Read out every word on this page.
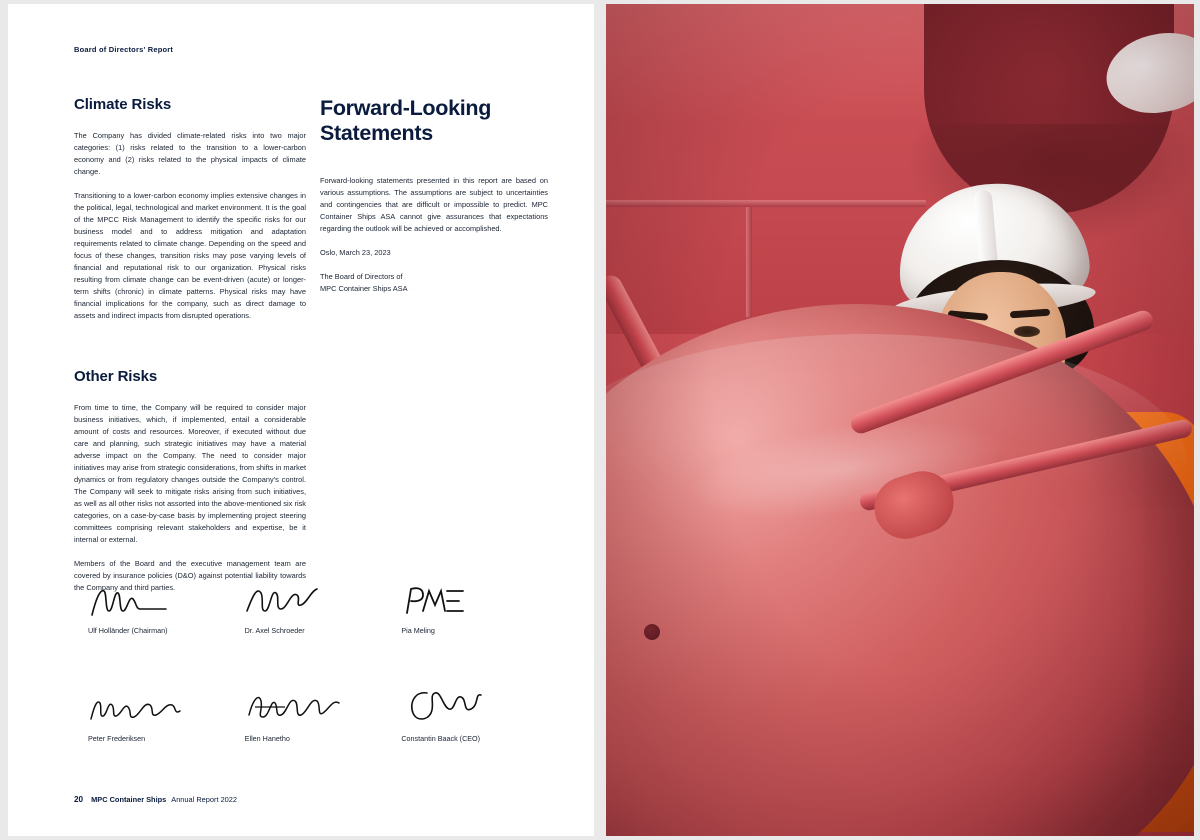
Board of Directors' Report
Climate Risks

The Company has divided climate-related risks into two major categories: (1) risks related to the transition to a lower-carbon economy and (2) risks related to the physical impacts of climate change.

Transitioning to a lower-carbon economy implies extensive changes in the political, legal, technological and market environment. It is the goal of the MPCC Risk Management to identify the specific risks for our business model and to address mitigation and adaptation requirements related to climate change. Depending on the speed and focus of these changes, transition risks may pose varying levels of financial and reputational risk to our organization. Physical risks resulting from climate change can be event-driven (acute) or longer-term shifts (chronic) in climate patterns. Physical risks may have financial implications for the company, such as direct damage to assets and indirect impacts from disrupted operations.

Other Risks

From time to time, the Company will be required to consider major business initiatives, which, if implemented, entail a considerable amount of costs and resources. Moreover, if executed without due care and planning, such strategic initiatives may have a material adverse impact on the Company. The need to consider major initiatives may arise from strategic considerations, from shifts in market dynamics or from regulatory changes outside the Company's control. The Company will seek to mitigate risks arising from such initiatives, as well as all other risks not assorted into the above-mentioned six risk categories, on a case-by-case basis by implementing project steering committees comprising relevant stakeholders and expertise, be it internal or external.

Members of the Board and the executive management team are covered by insurance policies (D&O) against potential liability towards the Company and third parties.

Forward-Looking Statements

Forward-looking statements presented in this report are based on various assumptions. The assumptions are subject to uncertainties and contingencies that are difficult or impossible to predict. MPC Container Ships ASA cannot give assurances that expectations regarding the outlook will be achieved or accomplished.

Oslo, March 23, 2023

The Board of Directors of

MPC Container Ships ASA

Ulf Holländer (Chairman)	Dr. Axel Schroeder	Pia Meling
Peter Frederiksen	Ellen Hanetho	Constantin Baack (CEO)
20 MPC Container Ships Annual Report 2022
